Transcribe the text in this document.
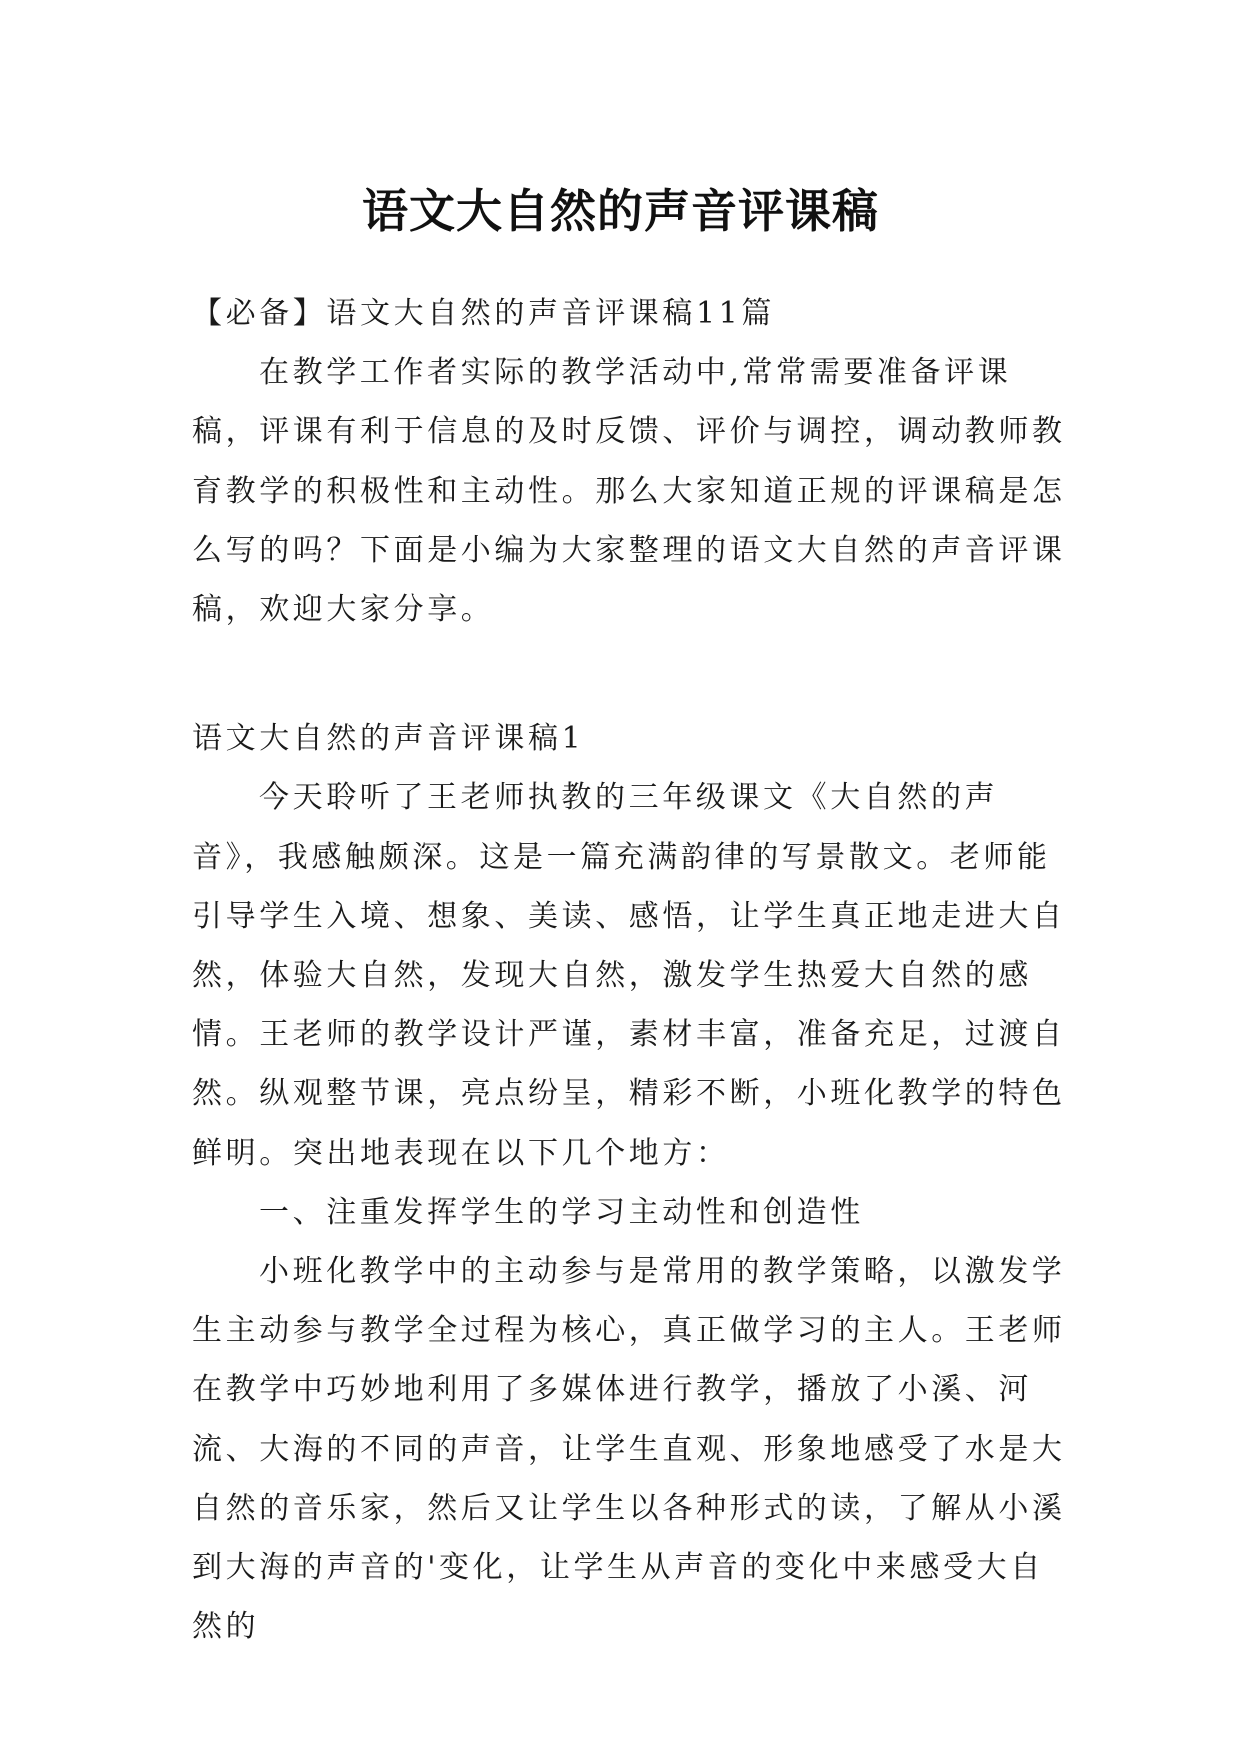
语文大自然的声音评课稿

【必备】语文大自然的声音评课稿11篇

在教学工作者实际的教学活动中,常常需要准备评课稿，评课有利于信息的及时反馈、评价与调控，调动教师教育教学的积极性和主动性。那么大家知道正规的评课稿是怎么写的吗？下面是小编为大家整理的语文大自然的声音评课稿，欢迎大家分享。

语文大自然的声音评课稿1

今天聆听了王老师执教的三年级课文《大自然的声音》，我感触颇深。这是一篇充满韵律的写景散文。老师能引导学生入境、想象、美读、感悟，让学生真正地走进大自然，体验大自然，发现大自然，激发学生热爱大自然的感情。王老师的教学设计严谨，素材丰富，准备充足，过渡自然。纵观整节课，亮点纷呈，精彩不断，小班化教学的特色鲜明。突出地表现在以下几个地方：

一、注重发挥学生的学习主动性和创造性

小班化教学中的主动参与是常用的教学策略，以激发学生主动参与教学全过程为核心，真正做学习的主人。王老师在教学中巧妙地利用了多媒体进行教学，播放了小溪、河流、大海的不同的声音，让学生直观、形象地感受了水是大自然的音乐家，然后又让学生以各种形式的读，了解从小溪到大海的声音的'变化，让学生从声音的变化中来感受大自然的
